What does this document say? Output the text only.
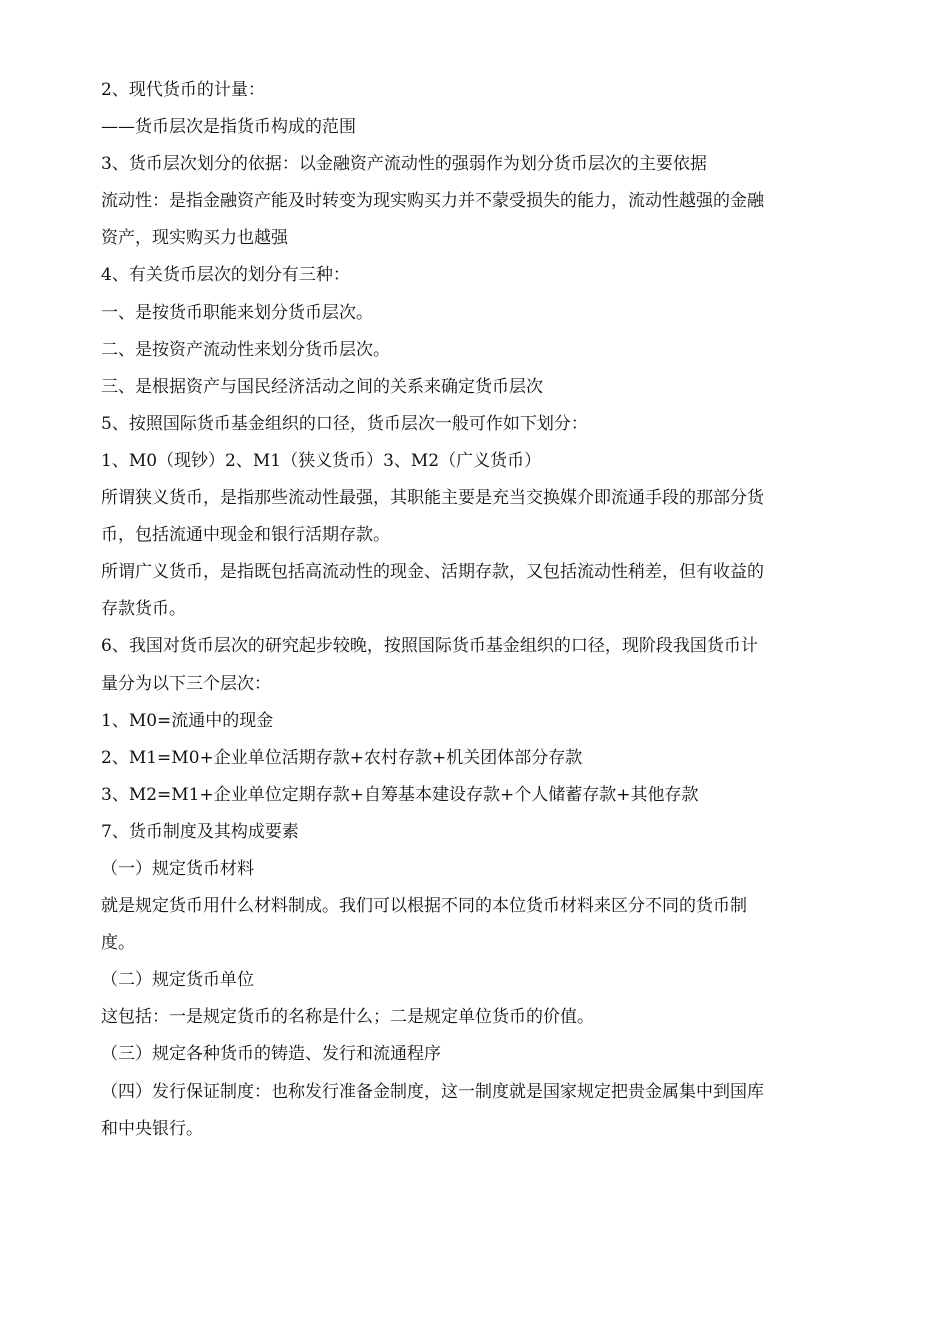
2、现代货币的计量：
——货币层次是指货币构成的范围
3、货币层次划分的依据：以金融资产流动性的强弱作为划分货币层次的主要依据
流动性：是指金融资产能及时转变为现实购买力并不蒙受损失的能力，流动性越强的金融
资产，现实购买力也越强
4、有关货币层次的划分有三种：
一、是按货币职能来划分货币层次。
二、是按资产流动性来划分货币层次。
三、是根据资产与国民经济活动之间的关系来确定货币层次
5、按照国际货币基金组织的口径，货币层次一般可作如下划分：
1、M0（现钞）2、M1（狭义货币）3、M2（广义货币）
所谓狭义货币，是指那些流动性最强，其职能主要是充当交换媒介即流通手段的那部分货
币，包括流通中现金和银行活期存款。
所谓广义货币，是指既包括高流动性的现金、活期存款，又包括流动性稍差，但有收益的
存款货币。
6、我国对货币层次的研究起步较晚，按照国际货币基金组织的口径，现阶段我国货币计
量分为以下三个层次：
1、M0=流通中的现金
2、M1=M0+企业单位活期存款+农村存款+机关团体部分存款
3、M2=M1+企业单位定期存款+自筹基本建设存款+个人储蓄存款+其他存款
7、货币制度及其构成要素
（一）规定货币材料
就是规定货币用什么材料制成。我们可以根据不同的本位货币材料来区分不同的货币制
度。
（二）规定货币单位
这包括：一是规定货币的名称是什么；二是规定单位货币的价值。
（三）规定各种货币的铸造、发行和流通程序
（四）发行保证制度：也称发行准备金制度，这一制度就是国家规定把贵金属集中到国库
和中央银行。
